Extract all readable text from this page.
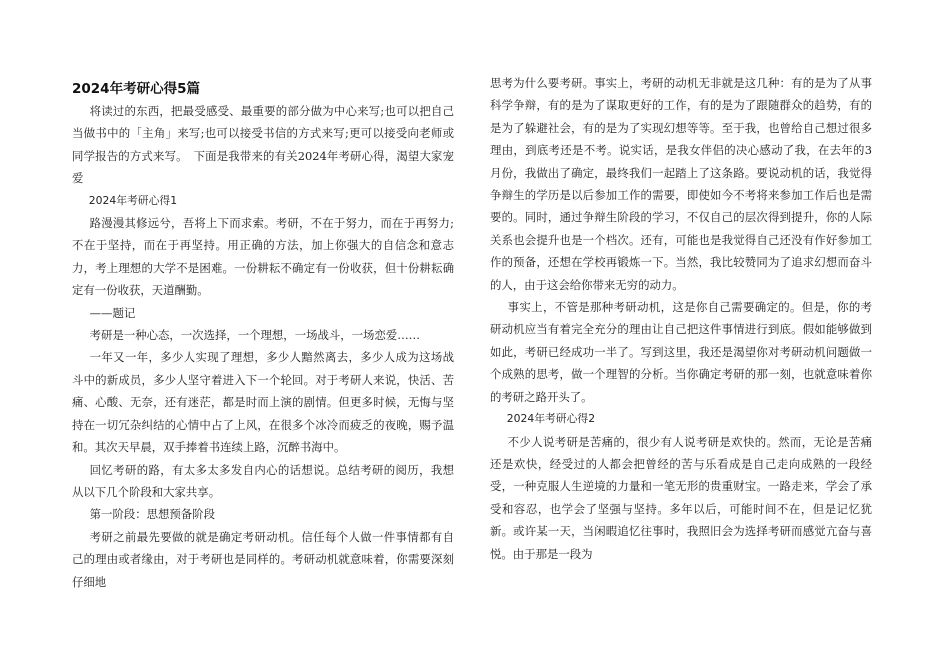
2024年考研心得5篇

将读过的东西，把最受感受、最重要的部分做为中心来写;也可以把自己当做书中的「主角」来写;也可以接受书信的方式来写;更可以接受向老师或同学报告的方式来写。　下面是我带来的有关2024年考研心得，渴望大家宠爱

2024年考研心得1

路漫漫其修远兮，吾将上下而求索。考研，不在于努力，而在于再努力;不在于坚持，而在于再坚持。用正确的方法，加上你强大的自信念和意志力，考上理想的大学不是困难。一份耕耘不确定有一份收获，但十份耕耘确定有一份收获，天道酬勤。

——题记

考研是一种心态，一次选择，一个理想，一场战斗，一场恋爱……

一年又一年，多少人实现了理想，多少人黯然离去，多少人成为这场战斗中的新成员，多少人坚守着进入下一个轮回。对于考研人来说，快活、苦痛、心酸、无奈，还有迷茫，都是时而上演的剧情。但更多时候，无悔与坚持在一切冗杂纠结的心情中占了上风，在很多个冰冷而疲乏的夜晚，赐予温和。其次天早晨，双手捧着书连续上路，沉醉书海中。

回忆考研的路，有太多太多发自内心的话想说。总结考研的阅历，我想从以下几个阶段和大家共享。

第一阶段：思想预备阶段

考研之前最先要做的就是确定考研动机。信任每个人做一件事情都有自己的理由或者缘由，对于考研也是同样的。考研动机就意味着，你需要深刻仔细地

思考为什么要考研。事实上，考研的动机无非就是这几种：有的是为了从事科学争辩，有的是为了谋取更好的工作，有的是为了跟随群众的趋势，有的是为了躲避社会，有的是为了实现幻想等等。至于我，也曾给自己想过很多理由，到底考还是不考。说实话，是我女伴侣的决心感动了我，在去年的3月份，我做出了确定，最终我们一起踏上了这条路。要说动机的话，我觉得争辩生的学历是以后参加工作的需要，即使如今不考将来参加工作后也是需要的。同时，通过争辩生阶段的学习，不仅自己的层次得到提升，你的人际关系也会提升也是一个档次。还有，可能也是我觉得自己还没有作好参加工作的预备，还想在学校再锻炼一下。当然，我比较赞同为了追求幻想而奋斗的人，由于这会给你带来无穷的动力。

事实上，不管是那种考研动机，这是你自己需要确定的。但是，你的考研动机应当有着完全充分的理由让自己把这件事情进行到底。假如能够做到如此，考研已经成功一半了。写到这里，我还是渴望你对考研动机问题做一个成熟的思考，做一个理智的分析。当你确定考研的那一刻，也就意味着你的考研之路开头了。

2024年考研心得2

不少人说考研是苦痛的，很少有人说考研是欢快的。然而，无论是苦痛还是欢快，经受过的人都会把曾经的苦与乐看成是自己走向成熟的一段经受，一种克服人生逆境的力量和一笔无形的贵重财宝。一路走来，学会了承受和容忍，也学会了坚强与坚持。多年以后，可能时间不在，但是记忆犹新。或许某一天，当闲暇追忆往事时，我照旧会为选择考研而感觉亢奋与喜悦。由于那是一段为
